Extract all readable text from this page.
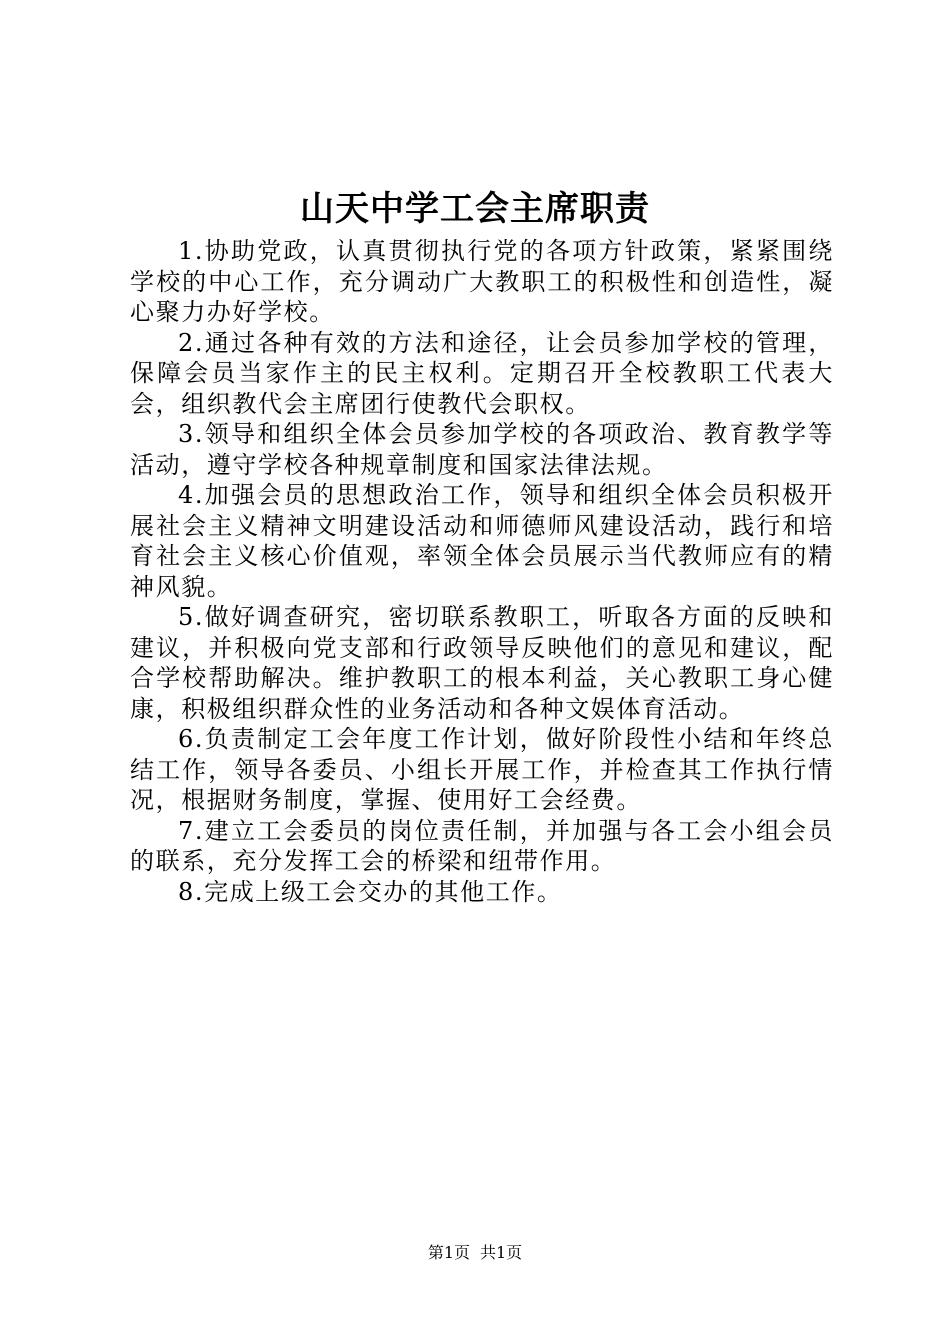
山天中学工会主席职责

1.协助党政，认真贯彻执行党的各项方针政策，紧紧围绕学校的中心工作，充分调动广大教职工的积极性和创造性，凝心聚力办好学校。

2.通过各种有效的方法和途径，让会员参加学校的管理，保障会员当家作主的民主权利。定期召开全校教职工代表大会，组织教代会主席团行使教代会职权。

3.领导和组织全体会员参加学校的各项政治、教育教学等活动，遵守学校各种规章制度和国家法律法规。

4.加强会员的思想政治工作，领导和组织全体会员积极开展社会主义精神文明建设活动和师德师风建设活动，践行和培育社会主义核心价值观，率领全体会员展示当代教师应有的精神风貌。

5.做好调查研究，密切联系教职工，听取各方面的反映和建议，并积极向党支部和行政领导反映他们的意见和建议，配合学校帮助解决。维护教职工的根本利益，关心教职工身心健康，积极组织群众性的业务活动和各种文娱体育活动。

6.负责制定工会年度工作计划，做好阶段性小结和年终总结工作，领导各委员、小组长开展工作，并检查其工作执行情况，根据财务制度，掌握、使用好工会经费。

7.建立工会委员的岗位责任制，并加强与各工会小组会员的联系，充分发挥工会的桥梁和纽带作用。

8.完成上级工会交办的其他工作。

第1页 共1页
